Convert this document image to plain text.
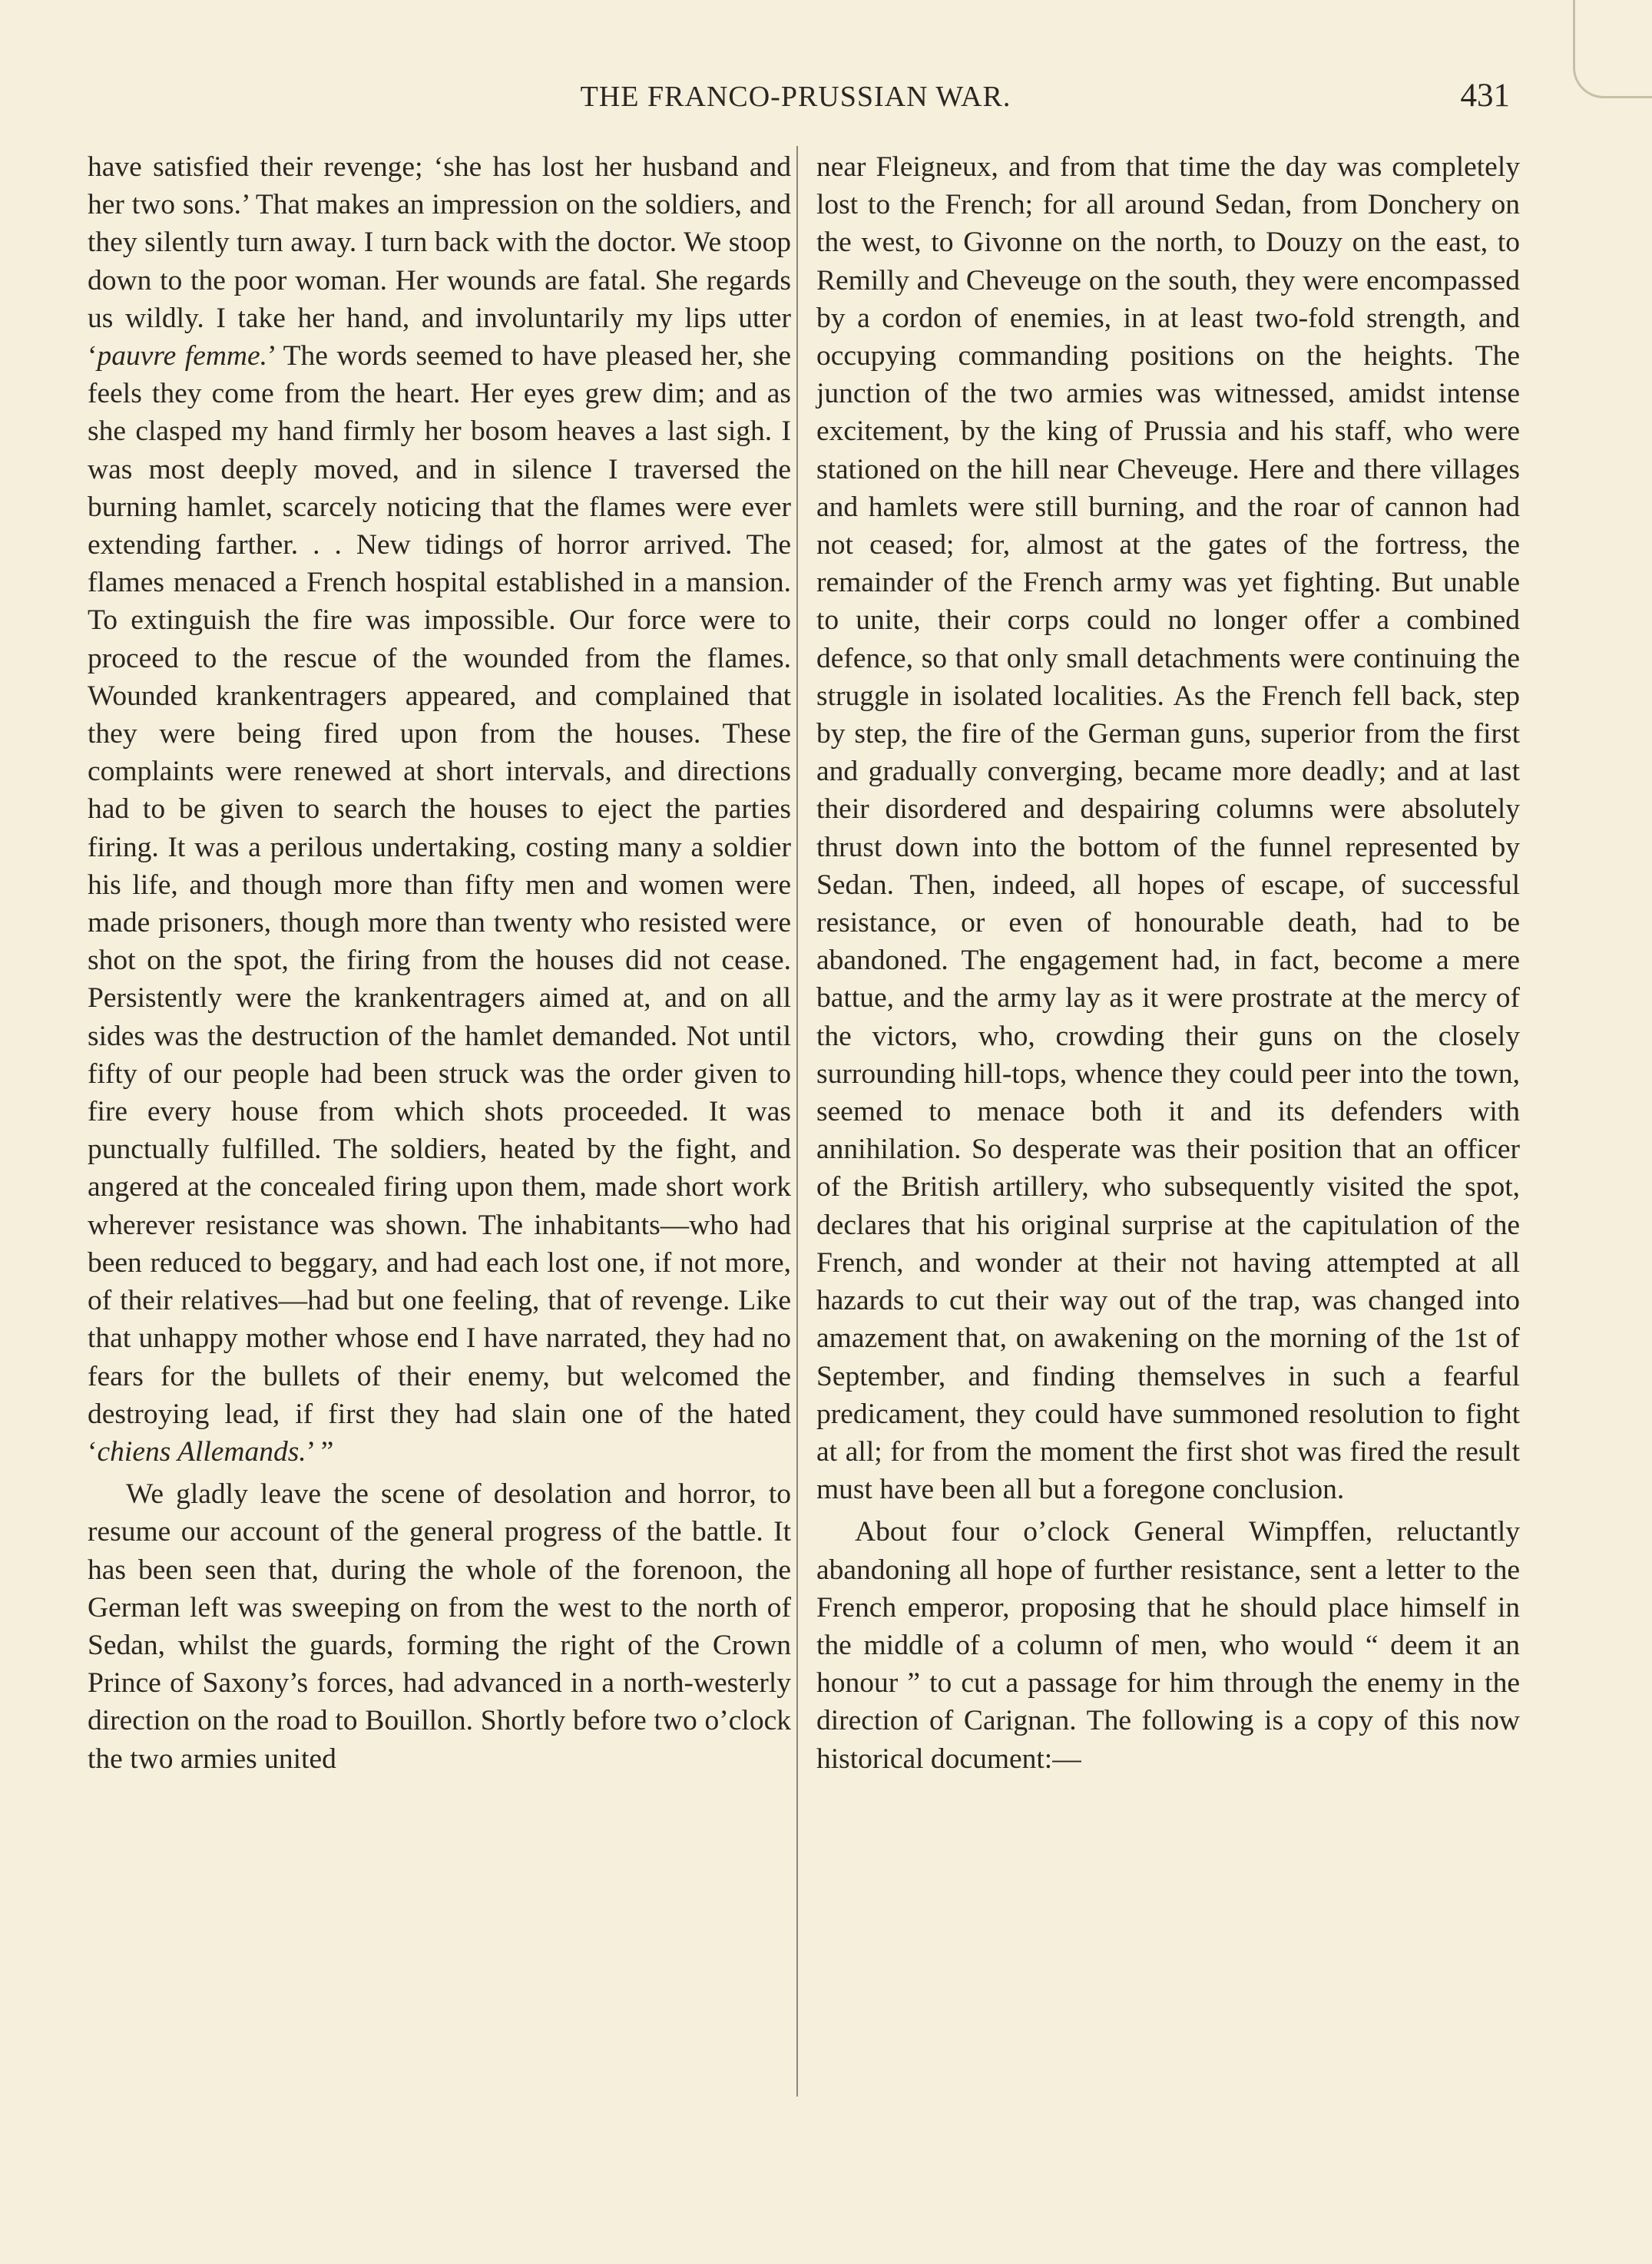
THE FRANCO-PRUSSIAN WAR.	431

have satisfied their revenge; ‘she has lost her husband and her two sons.’ That makes an impression on the soldiers, and they silently turn away. I turn back with the doctor. We stoop down to the poor woman. Her wounds are fatal. She regards us wildly. I take her hand, and involuntarily my lips utter ‘pauvre femme.’ The words seemed to have pleased her, she feels they come from the heart. Her eyes grew dim; and as she clasped my hand firmly her bosom heaves a last sigh. I was most deeply moved, and in silence I traversed the burning hamlet, scarcely noticing that the flames were ever extending farther. . . New tidings of horror arrived. The flames menaced a French hospital established in a mansion. To extinguish the fire was impossible. Our force were to proceed to the rescue of the wounded from the flames. Wounded krankentragers appeared, and complained that they were being fired upon from the houses. These complaints were renewed at short intervals, and directions had to be given to search the houses to eject the parties firing. It was a perilous undertaking, costing many a soldier his life, and though more than fifty men and women were made prisoners, though more than twenty who resisted were shot on the spot, the firing from the houses did not cease. Persistently were the krankentragers aimed at, and on all sides was the destruction of the hamlet demanded. Not until fifty of our people had been struck was the order given to fire every house from which shots proceeded. It was punctually fulfilled. The soldiers, heated by the fight, and angered at the concealed firing upon them, made short work wherever resistance was shown. The inhabitants—who had been reduced to beggary, and had each lost one, if not more, of their relatives—had but one feeling, that of revenge. Like that unhappy mother whose end I have narrated, they had no fears for the bullets of their enemy, but welcomed the destroying lead, if first they had slain one of the hated ‘chiens Allemands.’ ”

We gladly leave the scene of desolation and horror, to resume our account of the general progress of the battle. It has been seen that, during the whole of the forenoon, the German left was sweeping on from the west to the north of Sedan, whilst the guards, forming the right of the Crown Prince of Saxony’s forces, had advanced in a north-westerly direction on the road to Bouillon. Shortly before two o’clock the two armies united

near Fleigneux, and from that time the day was completely lost to the French; for all around Sedan, from Donchery on the west, to Givonne on the north, to Douzy on the east, to Remilly and Cheveuge on the south, they were encompassed by a cordon of enemies, in at least two-fold strength, and occupying commanding positions on the heights. The junction of the two armies was witnessed, amidst intense excitement, by the king of Prussia and his staff, who were stationed on the hill near Cheveuge. Here and there villages and hamlets were still burning, and the roar of cannon had not ceased; for, almost at the gates of the fortress, the remainder of the French army was yet fighting. But unable to unite, their corps could no longer offer a combined defence, so that only small detachments were continuing the struggle in isolated localities. As the French fell back, step by step, the fire of the German guns, superior from the first and gradually converging, became more deadly; and at last their disordered and despairing columns were absolutely thrust down into the bottom of the funnel represented by Sedan. Then, indeed, all hopes of escape, of successful resistance, or even of honourable death, had to be abandoned. The engagement had, in fact, become a mere battue, and the army lay as it were prostrate at the mercy of the victors, who, crowding their guns on the closely surrounding hill-tops, whence they could peer into the town, seemed to menace both it and its defenders with annihilation. So desperate was their position that an officer of the British artillery, who subsequently visited the spot, declares that his original surprise at the capitulation of the French, and wonder at their not having attempted at all hazards to cut their way out of the trap, was changed into amazement that, on awakening on the morning of the 1st of September, and finding themselves in such a fearful predicament, they could have summoned resolution to fight at all; for from the moment the first shot was fired the result must have been all but a foregone conclusion.

About four o’clock General Wimpffen, reluctantly abandoning all hope of further resistance, sent a letter to the French emperor, proposing that he should place himself in the middle of a column of men, who would “ deem it an honour ” to cut a passage for him through the enemy in the direction of Carignan. The following is a copy of this now historical document:—
